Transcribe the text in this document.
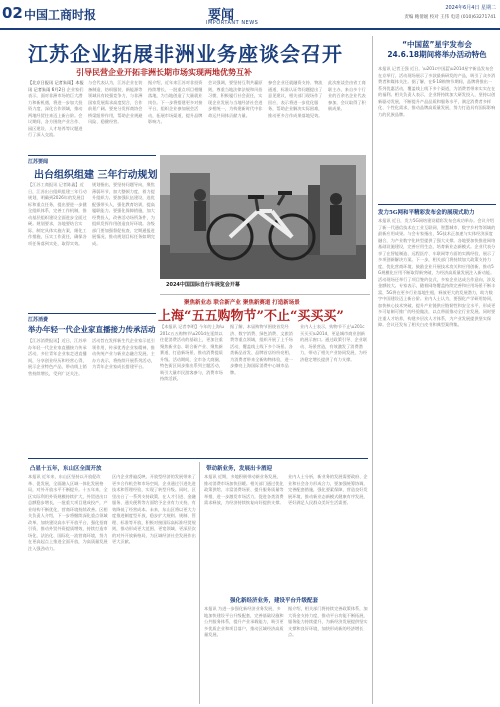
02 中国工商时报	要闻
IMPORTANT NEWS
2024年6月4日 星期二
责编 鲍倩媛 校对 王伟 电话 (010)63271741
江苏企业拓展非洲业务座谈会召开
引导民营企业开拓非洲长期市场实现两地优势互补
“中国蓝”星宇发布会
24.6.18期间将举办活动特色
【北京日报讯 记者朱雨】本报讯 记者朱雨 6月2日 企业家们表示，面对非洲市场的巨大潜力和新机遇，将进一步加大投资力度，深化合作领域，推动两地经贸往来迈上新台阶。会议期间，各方围绕产业合作、园区建设、人才培养等议题进行了深入交流。
与会代表认为，江苏企业在装备制造、纺织服装、新能源等领域具有较强竞争力，与非洲国家发展需求高度契合，合作前景广阔。要充分发挥商协会桥梁纽带作用，帮助企业规避风险、稳健经营。
据介绍，近年来江苏对非投资持续增长，一批重点项目相继落地，为当地创造了大量就业岗位。下一步将搭建更多对接平台，组织企业参加展会活动，拓展市场渠道，提升品牌影响力。
会议强调，要坚持互利共赢原则，尊重当地法律法规和风俗习惯，积极履行社会责任，实现企业发展与当地经济社会进步相统一，为构建新时代中非命运共同体贡献力量。
参会企业还就融资支持、物流通道、标准认证等问题提出了意见建议，相关部门现场作了回应，表示将进一步优化服务，帮助企业解决实际困难，推动更多合作成果落地见效。
此次座谈会由省工商联主办，来自多个行业的百余名企业代表参加，会议取得了积极成果。
本报讯 记者王强 近日，\u201c中国蓝\u201d星宇新品发布会在京举行，活动现场展示了多款最新研发的产品，吸引了众多消费者和媒体关注。据了解，在6·18购物节期间，品牌将推出一系列优惠活动，覆盖线上线下多个渠道，为消费者带来实实在在的福利。相关负责人表示，企业将持续加大研发投入，坚持以创新驱动发展，不断提升产品品质和服务水平，满足消费者多样化、个性化需求，推动品牌高质量发展，努力打造具有国际影响力的民族品牌。
发力5G网和平精彩发布会的展现式助力
本报讯 近日，发力5G网络建设精彩发布会成功举办。会议介绍了新一代通信技术在工业互联网、智慧城市、数字乡村等领域的最新应用成果。与会专家指出，5G技术正加速与实体经济深度融合，为产业数字化转型提供了强大支撑。各地要加快推进网络基础设施建设，完善应用生态，培育新业态新模式。企业代表分享了在智能制造、远程医疗、车联网等方面的实践经验，展示了多项创新解决方案。下一步，相关部门将持续加大政策支持力度，优化营商环境，鼓励企业开展技术攻关和应用创新，推动5G规模化应用不断取得新突破，为经济高质量发展注入新动能。活动现场还举行了项目签约仪式，多家企业达成合作意向，涉及金额较大。专家表示，随着网络覆盖持续完善和应用场景不断丰富，5G将在更多行业落地生根，释放更大的发展潜力，助力数字中国建设迈上新台阶。业内人士认为，要强化产学研用协同，加快核心技术突破，提升产业链供应链韧性和安全水平，形成更多可复制可推广的经验做法，以点带面推动全行业发展。同时要注重人才培养，构建多层次人才体系，为产业发展提供坚实保障。会议还发布了相关白皮书和典型案例集。
江苏要闻
出台组织组建 三年行动规划
【江苏工商报讯 记者陈鑫】近日，江苏出台组织组建三年行动规划，明确到2026年的发展目标和重点任务，提出要进一步健全组织体系，完善工作机制，推动基层组织建设全面进步全面过硬。规划要求，各地要结合实际，制定具体实施方案，细化工作措施，压实工作责任，确保各项任务落到实处，取得实效。
规划指出，要坚持问题导向，聚焦薄弱环节，加大整顿力度，着力提升组织力。要加强队伍建设，选优配强带头人，强化教育培训，提高履职能力。要强化保障措施，加大经费投入，改善活动场所条件，为组织发挥作用创造良好环境。各级部门要加强督促检查，定期通报进展情况，推动规划目标任务如期完成。
江苏消费
举办年轻一代企业家直播接力传承活动
【江苏消费报讯】近日，江苏举办年轻一代企业家直播接力传承活动，多位青年企业家走进直播间，分享创业经历和经营心得，展示企业特色产品，带动线上销售持续增长，受到广泛关注。
活动旨在发挥新生代企业家示范引领作用，传承优秀企业家精神，推动传统产业与新业态融合发展。主办方表示，将持续开展系列活动，为青年企业家成长搭建平台。
2024中国国际自行车展览会开幕
聚焦新业态 联合新产业 聚焦新赛道 打造新场景
上海“五五购物节”不止“买买买”
【本报讯 记者李明】今年的上海\u201c五五购物节\u201d在延续以往促消费活动的基础上，更加注重聚焦新业态、联合新产业、聚焦新赛道、打造新场景，推动消费提质升级。活动期间，全市各大商圈、特色街区同步推出系列主题活动，吸引大量市民游客参与，消费市场持续活跃。
据了解，本届购物节围绕首发经济、数字消费、绿色消费、文旅消费等重点领域，组织开展了上千场活动，覆盖线上线下多个场景。各类新品首发、品牌首店纷纷亮相，为消费者带来全新购物体验，进一步擦亮上海国际消费中心城市品牌。
业内人士表示，购物节不止\u201c买买买\u201d，更是城市商业创新的展示窗口。通过政策引导、企业联动、场景营造，有效激发了消费潜力，带动了相关产业协同发展，为经济稳定增长提供了有力支撑。
凸显十五年，东山区全面开放
本报讯 近年来，东山区坚持以开放促改革、促发展，全面融入区域一体化发展格局，对外开放水平不断提升。十五年来，全区实际利用外资规模持续扩大，外贸进出口总额稳步增长，一批重大项目建成投产，产业结构不断优化，营商环境持续改善。区相关负责人介绍，下一步将继续深化重点领域改革，加快建设高水平开放平台，强化招商引资，推动外贸外资提质增效，持续打造市场化、法治化、国际化一流营商环境，努力在更高起点上推进全面开放，为高质量发展注入强劲动力。
区内企业普遍反映，开放型经济的发展带来了更多合作机会和市场空间，企业通过引进先进技术和管理经验，实现了转型升级。同时，区里出台了一系列支持政策，在人才引进、金融服务、通关便利等方面给予企业有力支持，有效降低了经营成本。未来，东山区将以更大力度推进制度型开放，稳步扩大规则、规制、管理、标准等开放，积极对接国际高标准经贸规则，推动形成更大范围、更宽领域、更深层次的对外开放新格局，为区域经济社会发展作出更大贡献。
带动新业务，发展出卡酒迎
本报讯 近期，多地积极带动新业务发展，推动消费市场加快回暖。相关部门通过优化政策供给、丰富消费场景、提升服务质量等举措，进一步激发市场活力，促进各类消费需求释放，为经济持续恢复向好提供支撑。
业内人士分析，新业务的发展需要政府、企业和社会各方形成合力，要加强统筹协调，完善配套措施，强化要素保障，营造良好发展环境，推动新业态新模式健康有序发展，更好满足人民群众美好生活需要。
强化新经济业务，建设平台升级配套
本报讯 为进一步强化新经济业务发展，多地加快建设平台升级配套，完善基础设施和公共服务体系，提升产业承载能力，吸引更多优质企业和项目落户，推动区域经济高质量发展。
据介绍，相关部门将持续完善政策体系，加大资金支持力度，推动平台功能不断拓展，服务能力持续提升，为新经济发展提供坚实支撑和良好环境，加快形成新的经济增长点。
